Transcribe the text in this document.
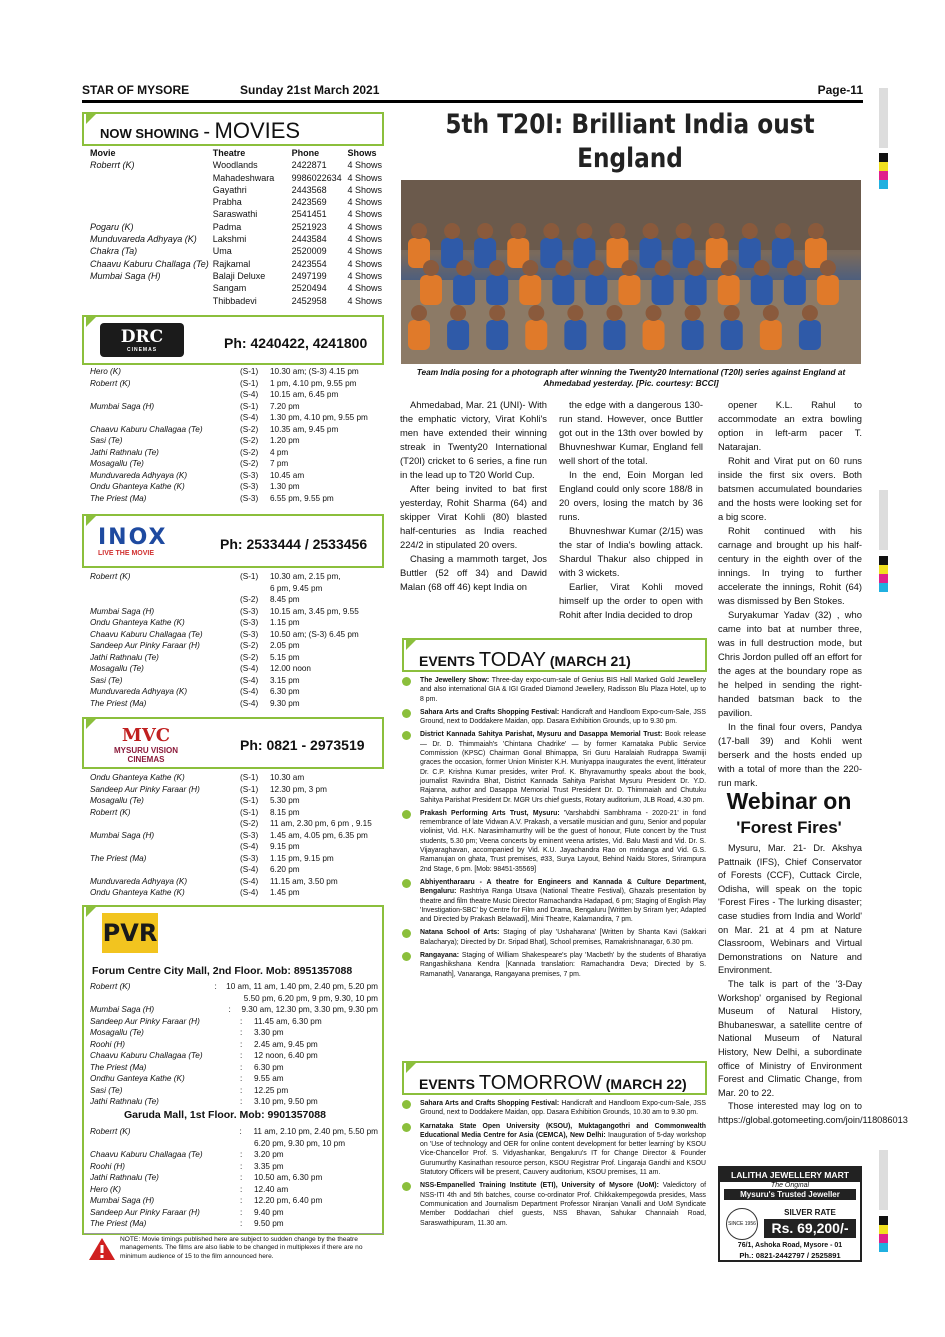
STAR OF MYSORE	Sunday 21st March 2021	Page-11
NOW SHOWING - MOVIES
Movie	Theatre	Phone	Shows
Roberrt (K)	Woodlands	2422871	4 Shows
	Mahadeshwara	9986022634	4 Shows
	Gayathri	2443568	4 Shows
	Prabha	2423569	4 Shows
	Saraswathi	2541451	4 Shows
Pogaru (K)	Padma	2521923	4 Shows
Munduvareda Adhyaya (K)	Lakshmi	2443584	4 Shows
Chakra (Ta)	Uma	2520009	4 Shows
Chaavu Kaburu Challaga (Te)	Rajkamal	2423554	4 Shows
Mumbai Saga (H)	Balaji Deluxe	2497199	4 Shows
	Sangam	2520494	4 Shows
	Thibbadevi	2452958	4 Shows
DRC
CINEMAS	Ph: 4240422, 4241800
Hero (K)	(S-1)	10.30 am; (S-3) 4.15 pm
Roberrt (K)	(S-1)	1 pm, 4.10 pm, 9.55 pm
(S-4)	10.15 am, 6.45 pm
Mumbai Saga (H)	(S-1)	7.20 pm
(S-4)	1.30 pm, 4.10 pm, 9.55 pm
Chaavu Kaburu Challagaa (Te)	(S-2)	10.35 am, 9.45 pm
Sasi (Te)	(S-2)	1.20 pm
Jathi Rathnalu (Te)	(S-2)	4 pm
Mosagallu (Te)	(S-2)	7 pm
Munduvareda Adhyaya (K)	(S-3)	10.45 am
Ondu Ghanteya Kathe (K)	(S-3)	1.30 pm
The Priest (Ma)	(S-3)	6.55 pm, 9.55 pm
INOX
LIVE THE MOVIE
Ph: 2533444 / 2533456
Roberrt (K)	(S-1)	10.30 am, 2.15 pm,
6 pm, 9.45 pm
(S-2)	8.45 pm
Mumbai Saga (H)	(S-3)	10.15 am, 3.45 pm, 9.55
Ondu Ghanteya Kathe (K)	(S-3)	1.15 pm
Chaavu Kaburu Challagaa (Te)	(S-3)	10.50 am; (S-3) 6.45 pm
Sandeep Aur Pinky Faraar (H)	(S-2)	2.05 pm
Jathi Rathnalu (Te)	(S-2)	5.15 pm
Mosagallu (Te)	(S-4)	12.00 noon
Sasi (Te)	(S-4)	3.15 pm
Munduvareda Adhyaya (K)	(S-4)	6.30 pm
The Priest (Ma)	(S-4)	9.30 pm
MVC
MYSURU VISION CINEMAS
Ph: 0821 - 2973519
Ondu Ghanteya Kathe (K)	(S-1)	10.30 am
Sandeep Aur Pinky Faraar (H)	(S-1)	12.30 pm, 3 pm
Mosagallu (Te)	(S-1)	5.30 pm
Roberrt (K)	(S-1)	8.15 pm
(S-2)	11 am, 2.30 pm, 6 pm , 9.15
Mumbai Saga (H)	(S-3)	1.45 am, 4.05 pm, 6.35 pm
(S-4)	9.15 pm
The Priest (Ma)	(S-3)	1.15 pm, 9.15 pm
(S-4)	6.20 pm
Munduvareda Adhyaya (K)	(S-4)	11.15 am, 3.50 pm
Ondu Ghanteya Kathe (K)	(S-4)	1.45 pm
PVR
Forum Centre City Mall, 2nd Floor. Mob: 8951357088
Roberrt (K)	:	10 am, 11 am, 1.40 pm, 2.40 pm, 5.20 pm
5.50 pm, 6.20 pm, 9 pm, 9.30, 10 pm
Mumbai Saga (H)	:	9.30 am, 12.30 pm, 3.30 pm, 9.30 pm
Sandeep Aur Pinky Faraar (H)	:	11.45 am, 6.30 pm
Mosagallu (Te)	:	3.30 pm
Roohi (H)	:	2.45 am, 9.45 pm
Chaavu Kaburu Challagaa (Te)	:	12 noon, 6.40 pm
The Priest (Ma)	:	6.30 pm
Ondhu Ganteya Kathe (K)	:	9.55 am
Sasi (Te)	:	12.25 pm
Jathi Rathnalu (Te)	:	3.10 pm, 9.50 pm
Garuda Mall, 1st Floor. Mob: 9901357088
Roberrt (K)	:	11 am, 2.10 pm, 2.40 pm, 5.50 pm
6.20 pm, 9.30 pm, 10 pm
Chaavu Kaburu Challagaa (Te)	:	3.20 pm
Roohi (H)	:	3.35 pm
Jathi Rathnalu (Te)	:	10.50 am, 6.30 pm
Hero (K)	:	12.40 am
Mumbai Saga (H)	:	12.20 pm, 6.40 pm
Sandeep Aur Pinky Faraar (H)	:	9.40 pm
The Priest (Ma)	:	9.50 pm
NOTE: Movie timings published here are subject to sudden change by the theatre managements. The films are also liable to be changed in multiplexes if there are no minimum audience of 15 to the film announced here.
5th T20I: Brilliant India oust England
Team India posing for a photograph after winning the Twenty20 International (T20I) series against England at Ahmedabad yesterday. [Pic. courtesy: BCCI]

Ahmedabad, Mar. 21 (UNI)- With the emphatic victory, Virat Kohli's men have extended their winning streak in Twenty20 International (T20I) cricket to 6 series, a fine run in the lead up to T20 World Cup.

After being invited to bat first yesterday, Rohit Sharma (64) and skipper Virat Kohli (80) blasted half-centuries as India reached 224/2 in stipulated 20 overs.

Chasing a mammoth target, Jos Buttler (52 off 34) and Dawid Malan (68 off 46) kept India on

the edge with a dangerous 130-run stand. However, once Buttler got out in the 13th over bowled by Bhuvneshwar Kumar, England fell well short of the total.

In the end, Eoin Morgan led England could only score 188/8 in 20 overs, losing the match by 36 runs.

Bhuvneshwar Kumar (2/15) was the star of India's bowling attack. Shardul Thakur also chipped in with 3 wickets.

Earlier, Virat Kohli moved himself up the order to open with Rohit after India decided to drop

opener K.L. Rahul to accommodate an extra bowling option in left-arm pacer T. Natarajan.

Rohit and Virat put on 60 runs inside the first six overs. Both batsmen accumulated boundaries and the hosts were looking set for a big score.

Rohit continued with his carnage and brought up his half-century in the eighth over of the innings. In trying to further accelerate the innings, Rohit (64) was dismissed by Ben Stokes.

Suryakumar Yadav (32) , who came into bat at number three, was in full destruction mode, but Chris Jordon pulled off an effort for the ages at the boundary rope as he helped in sending the right-handed batsman back to the pavilion.

In the final four overs, Pandya (17-ball 39) and Kohli went berserk and the hosts ended up with a total of more than the 220-run mark.

EVENTS TODAY (MARCH 21)
The Jewellery Show: Three-day expo-cum-sale of Genius BIS Hall Marked Gold Jewellery and also international GIA & IGI Graded Diamond Jewellery, Radisson Blu Plaza Hotel, up to 8 pm.
Sahara Arts and Crafts Shopping Festival: Handicraft and Handloom Expo-cum-Sale, JSS Ground, next to Doddakere Maidan, opp. Dasara Exhibition Grounds, up to 9.30 pm.
District Kannada Sahitya Parishat, Mysuru and Dasappa Memorial Trust: Book release — Dr. D. Thimmaiah's 'Chintana Chadrike' — by former Karnataka Public Service Commission (KPSC) Chairman Gonal Bhimappa, Sri Guru Haralaiah Rudrappa Swamiji graces the occasion, former Union Minister K.H. Muniyappa inaugurates the event, littérateur Dr. C.P. Krishna Kumar presides, writer Prof. K. Bhyravamurthy speaks about the book, journalist Ravindra Bhat, District Kannada Sahitya Parishat Mysuru President Dr. Y.D. Rajanna, author and Dasappa Memorial Trust President Dr. D. Thimmaiah and Chutuku Sahitya Parishat President Dr. MGR Urs chief guests, Rotary auditorium, JLB Road, 4.30 pm.
Prakash Performing Arts Trust, Mysuru: 'Varshabdhi Sambhrama - 2020-21' in fond remembrance of late Vidwan A.V. Prakash, a versatile musician and guru, Senior and popular violinist, Vid. H.K. Narasimhamurthy will be the guest of honour, Flute concert by the Trust students, 5.30 pm; Veena concerts by eminent veena artistes, Vid. Balu Masti and Vid. Dr. S. Vijayaraghavan, accompanied by Vid. K.U. Jayachandra Rao on mridanga and Vid. G.S. Ramanujan on ghata, Trust premises, #33, Surya Layout, Behind Naidu Stores, Srirampura 2nd Stage, 6 pm. [Mob: 98451-35569]
Abhiyentharaaru - A theatre for Engineers and Kannada & Culture Department, Bengaluru: Rashtriya Ranga Utsava (National Theatre Festival), Ghazals presentation by theatre and film theatre Music Director Ramachandra Hadapad, 6 pm; Staging of English Play 'Investigation-SBC' by Centre for Film and Drama, Bengaluru [Written by Sriram Iyer; Adapted and Directed by Prakash Belawadi], Mini Theatre, Kalamandira, 7 pm.
Natana School of Arts: Staging of play 'Ushaharana' [Written by Shanta Kavi (Sakkari Balacharya); Directed by Dr. Sripad Bhat], School premises, Ramakrishnanagar, 6.30 pm.
Rangayana: Staging of William Shakespeare's play 'Macbeth' by the students of Bharatiya Rangashikshana Kendra [Kannada translation: Ramachandra Deva; Directed by S. Ramanath], Vanaranga, Rangayana premises, 7 pm.
EVENTS TOMORROW (MARCH 22)
Sahara Arts and Crafts Shopping Festival: Handicraft and Handloom Expo-cum-Sale, JSS Ground, next to Doddakere Maidan, opp. Dasara Exhibition Grounds, 10.30 am to 9.30 pm.
Karnataka State Open University (KSOU), Muktagangothri and Commonwealth Educational Media Centre for Asia (CEMCA), New Delhi: Inauguration of 5-day workshop on 'Use of technology and OER for online content development for better learning' by KSOU Vice-Chancellor Prof. S. Vidyashankar, Bengaluru's IT for Change Director & Founder Gurumurthy Kasinathan resource person, KSOU Registrar Prof. Lingaraja Gandhi and KSOU Statutory Officers will be present, Cauvery auditorium, KSOU premises, 11 am.
NSS-Empanelled Training Institute (ETI), University of Mysore (UoM): Valedictory of NSS-ITI 4th and 5th batches, course co-ordinator Prof. Chikkakempegowda presides, Mass Communication and Journalism Department Professor Niranjan Vanalli and UoM Syndicate Member Doddachari chief guests, NSS Bhavan, Sahukar Channaiah Road, Saraswathipuram, 11.30 am.
Webinar on
'Forest Fires'

Mysuru, Mar. 21- Dr. Akshya Pattnaik (IFS), Chief Conservator of Forests (CCF), Cuttack Circle, Odisha, will speak on the topic 'Forest Fires - The lurking disaster; case studies from India and World' on Mar. 21 at 4 pm at Nature Classroom, Webinars and Virtual Demonstrations on Nature and Environment.

The talk is part of the '3-Day Workshop' organised by Regional Museum of Natural History, Bhubaneswar, a satellite centre of National Museum of Natural History, New Delhi, a subordinate office of Ministry of Environment Forest and Climatic Change, from Mar. 20 to 22.

Those interested may log on to https://global.gotomeeting.com/join/118086013

LALITHA JEWELLERY MART
The Original
Mysuru's Trusted Jeweller
SINCE 1956
SILVER RATE
Rs. 69,200/-
76/1, Ashoka Road, Mysore - 01
Ph.: 0821-2442797 / 2525891
